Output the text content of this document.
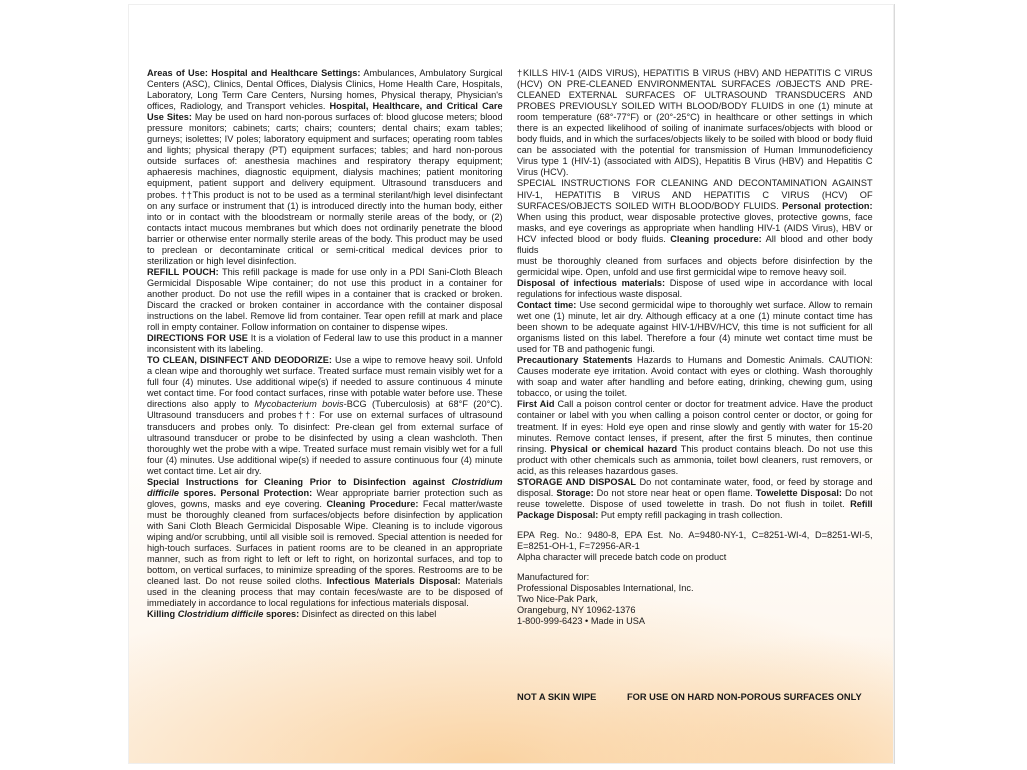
Areas of Use: Hospital and Healthcare Settings: Ambulances, Ambulatory Surgical Centers (ASC), Clinics, Dental Offices, Dialysis Clinics, Home Health Care, Hospitals, Laboratory, Long Term Care Centers, Nursing homes, Physical therapy, Physician's offices, Radiology, and Transport vehicles. Hospital, Healthcare, and Critical Care Use Sites: May be used on hard non-porous surfaces of: blood glucose meters; blood pressure monitors; cabinets; carts; chairs; counters; dental chairs; exam tables; gurneys; isolettes; IV poles; laboratory equipment and surfaces; operating room tables and lights; physical therapy (PT) equipment surfaces; tables; and hard non-porous outside surfaces of: anesthesia machines and respiratory therapy equipment; aphaeresis machines, diagnostic equipment, dialysis machines; patient monitoring equipment, patient support and delivery equipment. Ultrasound transducers and probes. ††This product is not to be used as a terminal sterilant/high level disinfectant on any surface or instrument that (1) is introduced directly into the human body, either into or in contact with the bloodstream or normally sterile areas of the body, or (2) contacts intact mucous membranes but which does not ordinarily penetrate the blood barrier or otherwise enter normally sterile areas of the body. This product may be used to preclean or decontaminate critical or semi-critical medical devices prior to sterilization or high level disinfection.

REFILL POUCH: This refill package is made for use only in a PDI Sani-Cloth Bleach Germicidal Disposable Wipe container; do not use this product in a container for another product. Do not use the refill wipes in a container that is cracked or broken. Discard the cracked or broken container in accordance with the container disposal instructions on the label. Remove lid from container. Tear open refill at mark and place roll in empty container. Follow information on container to dispense wipes.

DIRECTIONS FOR USE It is a violation of Federal law to use this product in a manner inconsistent with its labeling.

TO CLEAN, DISINFECT AND DEODORIZE: Use a wipe to remove heavy soil. Unfold a clean wipe and thoroughly wet surface. Treated surface must remain visibly wet for a full four (4) minutes. Use additional wipe(s) if needed to assure continuous 4 minute wet contact time. For food contact surfaces, rinse with potable water before use. These directions also apply to Mycobacterium bovis-BCG (Tuberculosis) at 68°F (20°C). Ultrasound transducers and probes††: For use on external surfaces of ultrasound transducers and probes only. To disinfect: Pre-clean gel from external surface of ultrasound transducer or probe to be disinfected by using a clean washcloth. Then thoroughly wet the probe with a wipe. Treated surface must remain visibly wet for a full four (4) minutes. Use additional wipe(s) if needed to assure continuous four (4) minute wet contact time. Let air dry.

Special Instructions for Cleaning Prior to Disinfection against Clostridium difficile spores. Personal Protection: Wear appropriate barrier protection such as gloves, gowns, masks and eye covering. Cleaning Procedure: Fecal matter/waste must be thoroughly cleaned from surfaces/objects before disinfection by application with Sani Cloth Bleach Germicidal Disposable Wipe. Cleaning is to include vigorous wiping and/or scrubbing, until all visible soil is removed. Special attention is needed for high-touch surfaces. Surfaces in patient rooms are to be cleaned in an appropriate manner, such as from right to left or left to right, on horizontal surfaces, and top to bottom, on vertical surfaces, to minimize spreading of the spores. Restrooms are to be cleaned last. Do not reuse soiled cloths. Infectious Materials Disposal: Materials used in the cleaning process that may contain feces/waste are to be disposed of immediately in accordance to local regulations for infectious materials disposal.

Killing Clostridium difficile spores: Disinfect as directed on this label

†KILLS HIV-1 (AIDS VIRUS), HEPATITIS B VIRUS (HBV) AND HEPATITIS C VIRUS (HCV) ON PRE-CLEANED ENVIRONMENTAL SURFACES /OBJECTS AND PRE-CLEANED EXTERNAL SURFACES OF ULTRASOUND TRANSDUCERS AND PROBES PREVIOUSLY SOILED WITH BLOOD/BODY FLUIDS in one (1) minute at room temperature (68°-77°F) or (20°-25°C) in healthcare or other settings in which there is an expected likelihood of soiling of inanimate surfaces/objects with blood or body fluids, and in which the surfaces/objects likely to be soiled with blood or body fluid can be associated with the potential for transmission of Human Immunodeficiency Virus type 1 (HIV-1) (associated with AIDS), Hepatitis B Virus (HBV) and Hepatitis C Virus (HCV).

SPECIAL INSTRUCTIONS FOR CLEANING AND DECONTAMINATION AGAINST HIV-1, HEPATITIS B VIRUS AND HEPATITIS C VIRUS (HCV) OF SURFACES/OBJECTS SOILED WITH BLOOD/BODY FLUIDS. Personal protection: When using this product, wear disposable protective gloves, protective gowns, face masks, and eye coverings as appropriate when handling HIV-1 (AIDS Virus), HBV or HCV infected blood or body fluids. Cleaning procedure: All blood and other body fluids

must be thoroughly cleaned from surfaces and objects before disinfection by the germicidal wipe. Open, unfold and use first germicidal wipe to remove heavy soil.

Disposal of infectious materials: Dispose of used wipe in accordance with local regulations for infectious waste disposal.

Contact time: Use second germicidal wipe to thoroughly wet surface. Allow to remain wet one (1) minute, let air dry. Although efficacy at a one (1) minute contact time has been shown to be adequate against HIV-1/HBV/HCV, this time is not sufficient for all organisms listed on this label. Therefore a four (4) minute wet contact time must be used for TB and pathogenic fungi.

Precautionary Statements Hazards to Humans and Domestic Animals. CAUTION: Causes moderate eye irritation. Avoid contact with eyes or clothing. Wash thoroughly with soap and water after handling and before eating, drinking, chewing gum, using tobacco, or using the toilet.

First Aid Call a poison control center or doctor for treatment advice. Have the product container or label with you when calling a poison control center or doctor, or going for treatment. If in eyes: Hold eye open and rinse slowly and gently with water for 15-20 minutes. Remove contact lenses, if present, after the first 5 minutes, then continue rinsing. Physical or chemical hazard This product contains bleach. Do not use this product with other chemicals such as ammonia, toilet bowl cleaners, rust removers, or acid, as this releases hazardous gases.

STORAGE AND DISPOSAL Do not contaminate water, food, or feed by storage and disposal. Storage: Do not store near heat or open flame. Towelette Disposal: Do not reuse towelette. Dispose of used towelette in trash. Do not flush in toilet. Refill Package Disposal: Put empty refill packaging in trash collection.

EPA Reg. No.: 9480-8, EPA Est. No. A=9480-NY-1, C=8251-WI-4, D=8251-WI-5, E=8251-OH-1, F=72956-AR-1

Alpha character will precede batch code on product

Manufactured for:

Professional Disposables International, Inc.

Two Nice-Pak Park,

Orangeburg, NY 10962-1376

1-800-999-6423 • Made in USA

NOT A SKIN WIPE	FOR USE ON HARD NON-POROUS SURFACES ONLY
